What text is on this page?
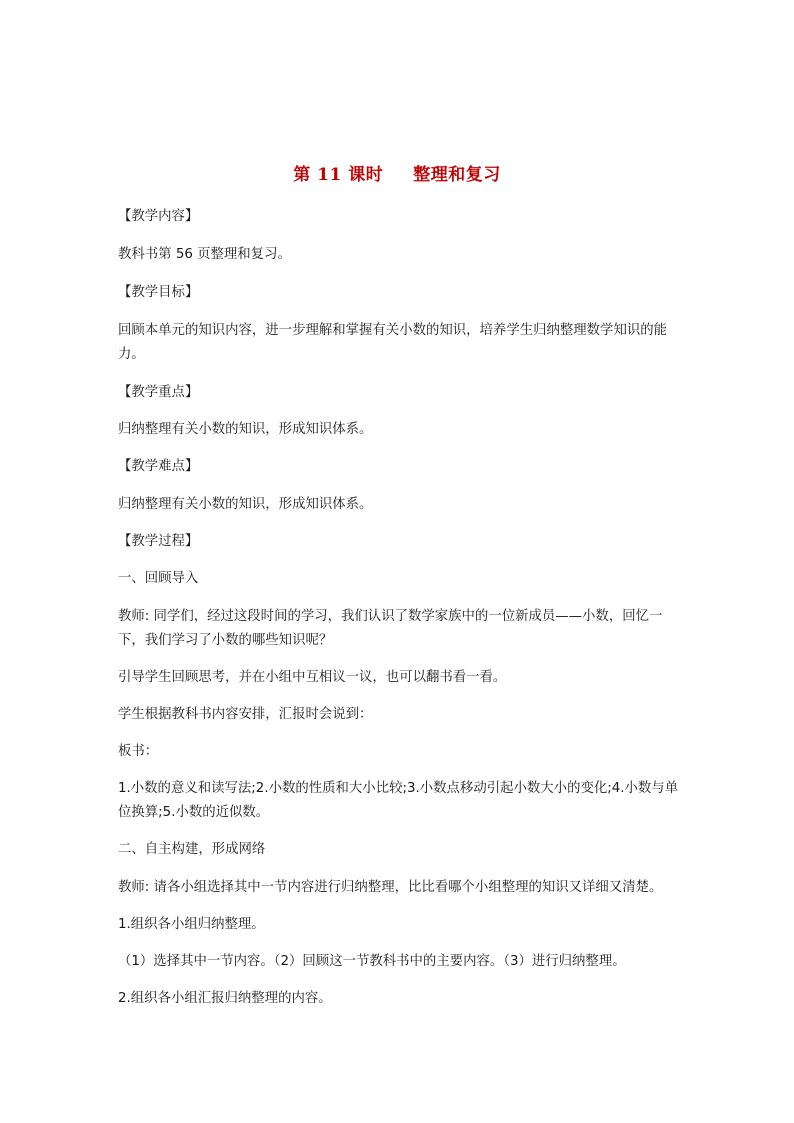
第 11 课时 整理和复习
【教学内容】
教科书第 56 页整理和复习。
【教学目标】
回顾本单元的知识内容，进一步理解和掌握有关小数的知识，培养学生归纳整理数学知识的能力。
【教学重点】
归纳整理有关小数的知识，形成知识体系。
【教学难点】
归纳整理有关小数的知识，形成知识体系。
【教学过程】
一、回顾导入
教师: 同学们，经过这段时间的学习，我们认识了数学家族中的一位新成员——小数，回忆一下，我们学习了小数的哪些知识呢？
引导学生回顾思考，并在小组中互相议一议，也可以翻书看一看。
学生根据教科书内容安排，汇报时会说到：
板书：
1.小数的意义和读写法;2.小数的性质和大小比较;3.小数点移动引起小数大小的变化;4.小数与单位换算;5.小数的近似数。
二、自主构建，形成网络
教师: 请各小组选择其中一节内容进行归纳整理，比比看哪个小组整理的知识又详细又清楚。
1.组织各小组归纳整理。
（1）选择其中一节内容。（2）回顾这一节教科书中的主要内容。（3）进行归纳整理。
2.组织各小组汇报归纳整理的内容。
